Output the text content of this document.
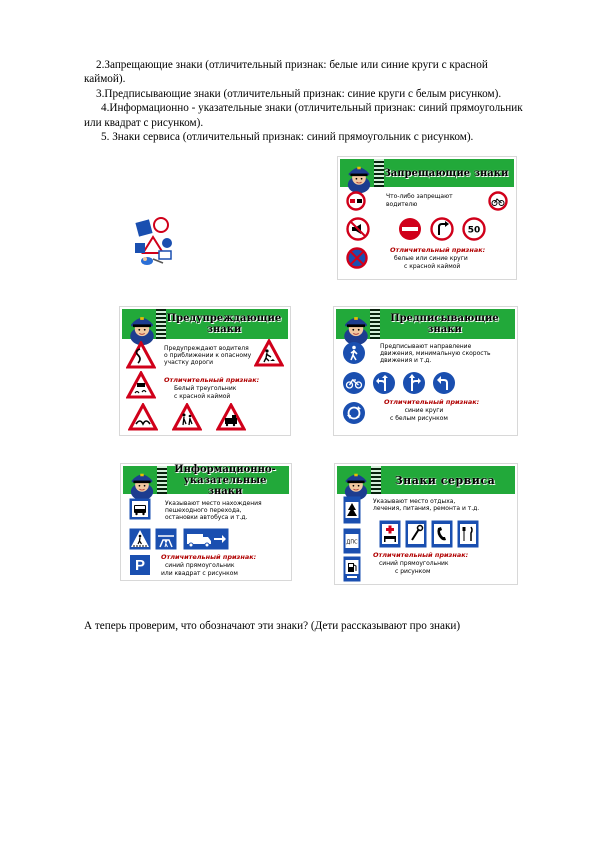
2.Запрещающие знаки (отличительный признак: белые или синие круги с красной
каймой).
3.Предписывающие знаки (отличительный признак: синие круги с белым рисунком).
4.Информационно - указательные знаки (отличительный признак: синий прямоугольник
или квадрат с рисунком).
5. Знаки сервиса (отличительный признак: синий прямоугольник с рисунком).
Запрещающие знаки
Что-либо запрещают
водителю
50
Отличительный признак:
белые или синие круги
с красной каймой
Предупреждающие знаки
Предупреждают водителя
о приближении к опасному
участку дороги
Отличительный признак:
Белый треугольник
с красной каймой
Предписывающие знаки
Предписывают направление
движения, минимальную скорость
движения и т.д.
Отличительный признак:
синие круги
с белым рисунком
Информационно-
указательные знаки
Указывают место нахождения
пешеходного перехода,
остановки автобуса и т.д.
Отличительный признак:
синий прямоугольник
или квадрат с рисунком
P
Знаки сервиса
Указывают место отдыха,
лечения, питания, ремонта и т.д.
ДПС
Отличительный признак:
синий прямоугольник
с рисунком
А теперь проверим, что обозначают эти знаки? (Дети рассказывают про знаки)
